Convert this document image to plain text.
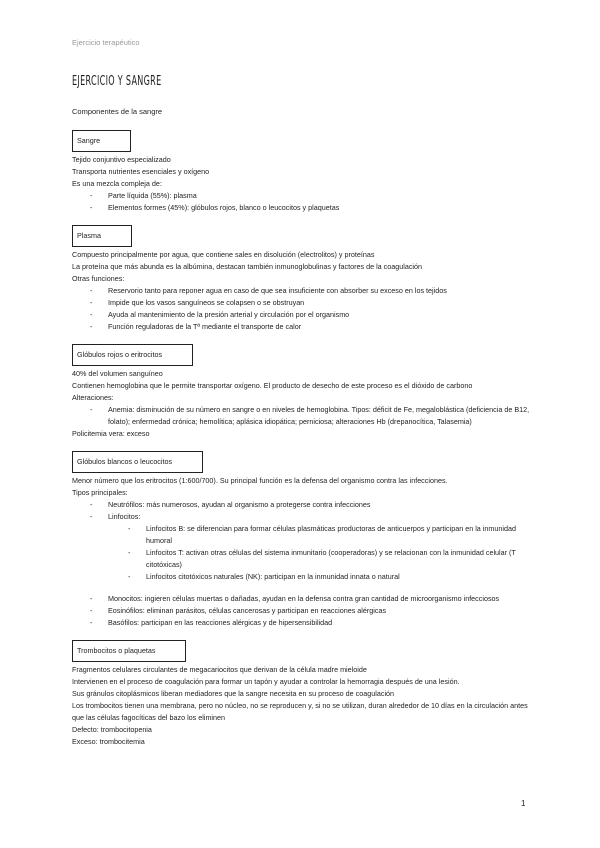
Ejercicio terapéutico
EJERCICIO Y SANGRE
Componentes de la sangre
Sangre
Tejido conjuntivo especializado
Transporta nutrientes esenciales y oxígeno
Es una mezcla compleja de:
- Parte líquida (55%): plasma
- Elementos formes (45%): glóbulos rojos, blanco o leucocitos y plaquetas
Plasma
Compuesto principalmente por agua, que contiene sales en disolución (electrolitos) y proteínas
La proteína que más abunda es la albúmina, destacan también inmunoglobulinas y factores de la coagulación
Otras funciones:
- Reservorio tanto para reponer agua en caso de que sea insuficiente con absorber su exceso en los tejidos
- Impide que los vasos sanguíneos se colapsen o se obstruyan
- Ayuda al mantenimiento de la presión arterial y circulación por el organismo
- Función reguladoras de la Tª mediante el transporte de calor
Glóbulos rojos o eritrocitos
40% del volumen sanguíneo
Contienen hemoglobina que le permite transportar oxígeno. El producto de desecho de este proceso es el dióxido de carbono
Alteraciones:
- Anemia: disminución de su número en sangre o en niveles de hemoglobina. Tipos: déficit de Fe, megaloblástica (deficiencia de B12, folato); enfermedad crónica; hemolítica; aplásica idiopática; perniciosa; alteraciones Hb (drepanocítica, Talasemia)
Policitemia vera: exceso
Glóbulos blancos o leucocitos
Menor número que los eritrocitos (1:600/700). Su principal función es la defensa del organismo contra las infecciones.
Tipos principales:
- Neutrófilos: más numerosos, ayudan al organismo a protegerse contra infecciones
- Linfocitos:
- Linfocitos B: se diferencian para formar células plasmáticas productoras de anticuerpos y participan en la inmunidad humoral
- Linfocitos T: activan otras células del sistema inmunitario (cooperadoras) y se relacionan con la inmunidad celular (T citotóxicas)
- Linfocitos citotóxicos naturales (NK): participan en la inmunidad innata o natural
- Monocitos: ingieren células muertas o dañadas, ayudan en la defensa contra gran cantidad de microorganismo infecciosos
- Eosinófilos: eliminan parásitos, células cancerosas y participan en reacciones alérgicas
- Basófilos: participan en las reacciones alérgicas y de hipersensibilidad
Trombocitos o plaquetas
Fragmentos celulares circulantes de megacariocitos que derivan de la célula madre mieloide
Intervienen en el proceso de coagulación para formar un tapón y ayudar a controlar la hemorragia después de una lesión.
Sus gránulos citoplásmicos liberan mediadores que la sangre necesita en su proceso de coagulación
Los trombocitos tienen una membrana, pero no núcleo, no se reproducen y, si no se utilizan, duran alrededor de 10 días en la circulación antes que las células fagocíticas del bazo los eliminen
Defecto: trombocitopenia
Exceso: trombocitemia
1
